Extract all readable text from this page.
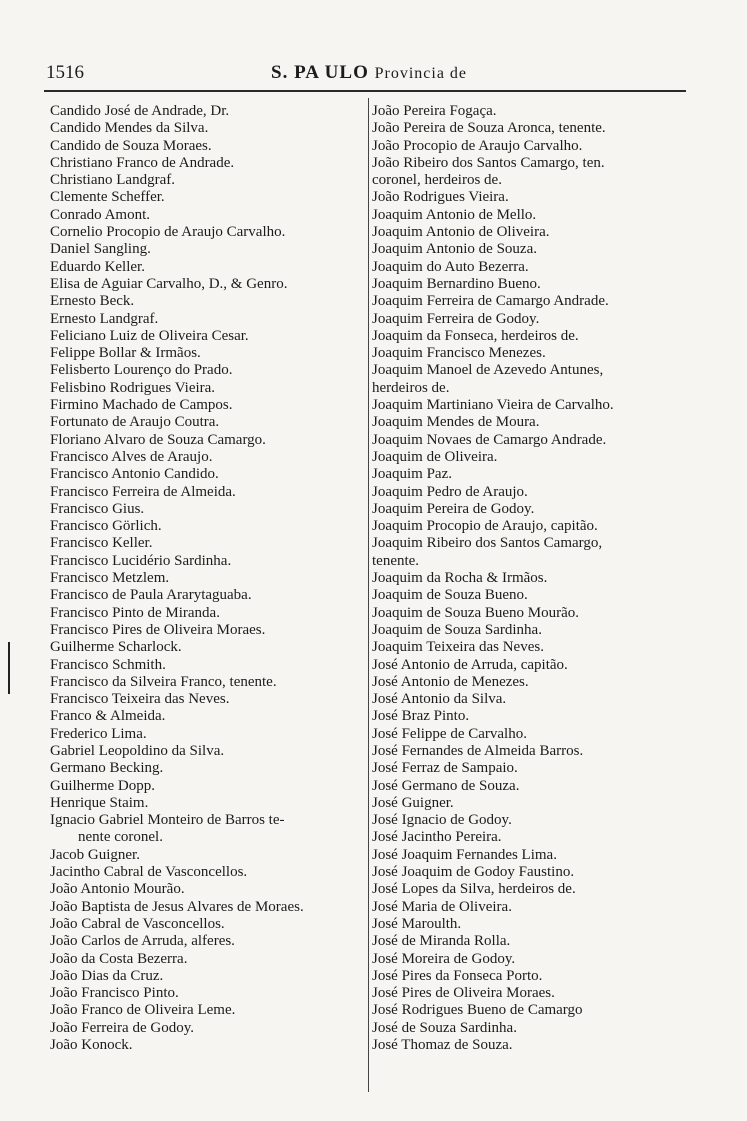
1516	S. PA ULO Provincia de
Candido José de Andrade, Dr.
Candido Mendes da Silva.
Candido de Souza Moraes.
Christiano Franco de Andrade.
Christiano Landgraf.
Clemente Scheffer.
Conrado Amont.
Cornelio Procopio de Araujo Carvalho.
Daniel Sangling.
Eduardo Keller.
Elisa de Aguiar Carvalho, D., & Genro.
Ernesto Beck.
Ernesto Landgraf.
Feliciano Luiz de Oliveira Cesar.
Felippe Bollar & Irmãos.
Felisberto Lourenço do Prado.
Felisbino Rodrigues Vieira.
Firmino Machado de Campos.
Fortunato de Araujo Coutra.
Floriano Alvaro de Souza Camargo.
Francisco Alves de Araujo.
Francisco Antonio Candido.
Francisco Ferreira de Almeida.
Francisco Gius.
Francisco Görlich.
Francisco Keller.
Francisco Lucidério Sardinha.
Francisco Metzlem.
Francisco de Paula Ararytaguaba.
Francisco Pinto de Miranda.
Francisco Pires de Oliveira Moraes.
Guilherme Scharlock.
Francisco Schmith.
Francisco da Silveira Franco, tenente.
Francisco Teixeira das Neves.
Franco & Almeida.
Frederico Lima.
Gabriel Leopoldino da Silva.
Germano Becking.
Guilherme Dopp.
Henrique Staim.
Ignacio Gabriel Monteiro de Barros te-
nente coronel.
Jacob Guigner.
Jacintho Cabral de Vasconcellos.
João Antonio Mourão.
João Baptista de Jesus Alvares de Moraes.
João Cabral de Vasconcellos.
João Carlos de Arruda, alferes.
João da Costa Bezerra.
João Dias da Cruz.
João Francisco Pinto.
João Franco de Oliveira Leme.
João Ferreira de Godoy.
João Konock.
João Pereira Fogaça.
João Pereira de Souza Aronca, tenente.
João Procopio de Araujo Carvalho.
João Ribeiro dos Santos Camargo, ten.
coronel, herdeiros de.
João Rodrigues Vieira.
Joaquim Antonio de Mello.
Joaquim Antonio de Oliveira.
Joaquim Antonio de Souza.
Joaquim do Auto Bezerra.
Joaquim Bernardino Bueno.
Joaquim Ferreira de Camargo Andrade.
Joaquim Ferreira de Godoy.
Joaquim da Fonseca, herdeiros de.
Joaquim Francisco Menezes.
Joaquim Manoel de Azevedo Antunes,
herdeiros de.
Joaquim Martiniano Vieira de Carvalho.
Joaquim Mendes de Moura.
Joaquim Novaes de Camargo Andrade.
Joaquim de Oliveira.
Joaquim Paz.
Joaquim Pedro de Araujo.
Joaquim Pereira de Godoy.
Joaquim Procopio de Araujo, capitão.
Joaquim Ribeiro dos Santos Camargo,
tenente.
Joaquim da Rocha & Irmãos.
Joaquim de Souza Bueno.
Joaquim de Souza Bueno Mourão.
Joaquim de Souza Sardinha.
Joaquim Teixeira das Neves.
José Antonio de Arruda, capitão.
José Antonio de Menezes.
José Antonio da Silva.
José Braz Pinto.
José Felippe de Carvalho.
José Fernandes de Almeida Barros.
José Ferraz de Sampaio.
José Germano de Souza.
José Guigner.
José Ignacio de Godoy.
José Jacintho Pereira.
José Joaquim Fernandes Lima.
José Joaquim de Godoy Faustino.
José Lopes da Silva, herdeiros de.
José Maria de Oliveira.
José Maroulth.
José de Miranda Rolla.
José Moreira de Godoy.
José Pires da Fonseca Porto.
José Pires de Oliveira Moraes.
José Rodrigues Bueno de Camargo
José de Souza Sardinha.
José Thomaz de Souza.
